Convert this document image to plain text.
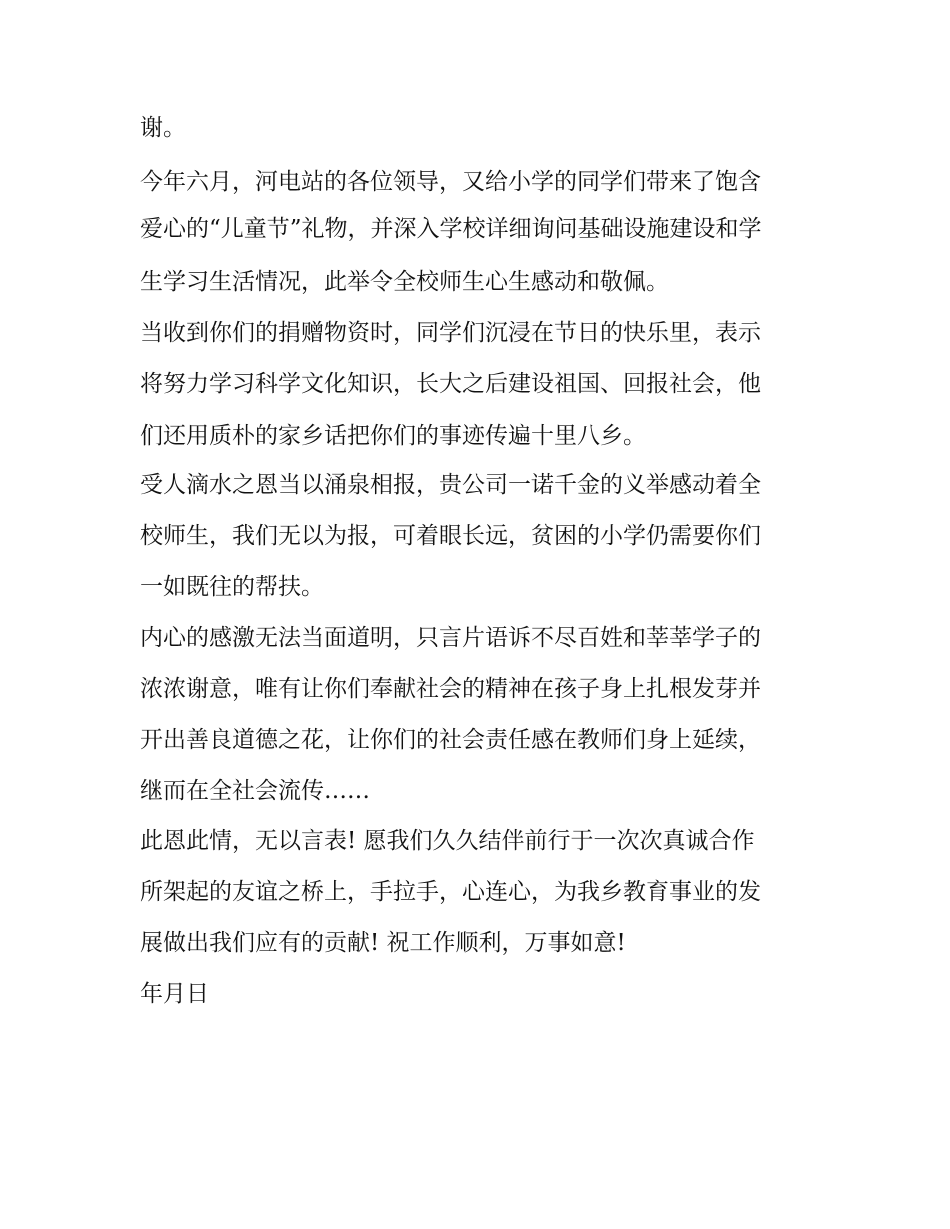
谢。
今年六月，河电站的各位领导，又给小学的同学们带来了饱含
爱心的“儿童节”礼物，并深入学校详细询问基础设施建设和学
生学习生活情况，此举令全校师生心生感动和敬佩。
当收到你们的捐赠物资时，同学们沉浸在节日的快乐里，表示
将努力学习科学文化知识，长大之后建设祖国、回报社会，他
们还用质朴的家乡话把你们的事迹传遍十里八乡。
受人滴水之恩当以涌泉相报，贵公司一诺千金的义举感动着全
校师生，我们无以为报，可着眼长远，贫困的小学仍需要你们
一如既往的帮扶。
内心的感激无法当面道明，只言片语诉不尽百姓和莘莘学子的
浓浓谢意，唯有让你们奉献社会的精神在孩子身上扎根发芽并
开出善良道德之花，让你们的社会责任感在教师们身上延续，
继而在全社会流传……
此恩此情，无以言表! 愿我们久久结伴前行于一次次真诚合作
所架起的友谊之桥上，手拉手，心连心，为我乡教育事业的发
展做出我们应有的贡献! 祝工作顺利，万事如意!
年月日
